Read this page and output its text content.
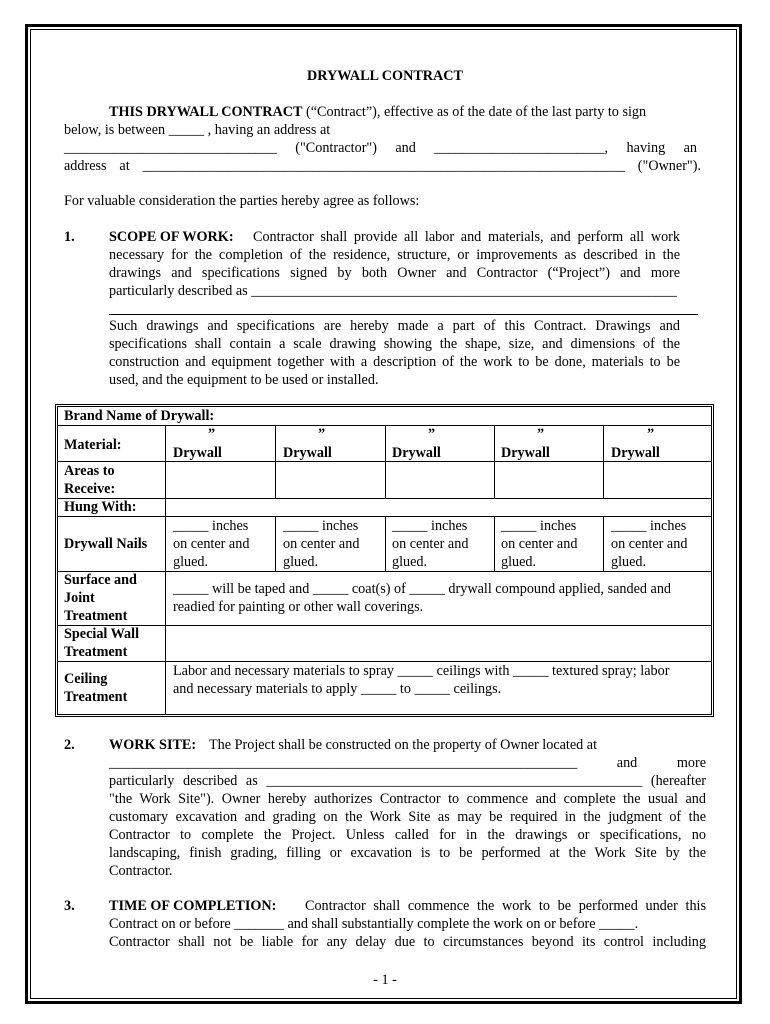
DRYWALL CONTRACT
THIS DRYWALL CONTRACT (“Contract”), effective as of the date of the last party to sign
below, is between _____ , having an address at
______________________________ ("Contractor") and ________________________, having an
address at ____________________________________________________________________ ("Owner").
For valuable consideration the parties hereby agree as follows:
1. SCOPE OF WORK: Contractor shall provide all labor and materials, and perform all work
necessary for the completion of the residence, structure, or improvements as described in the
drawings and specifications signed by both Owner and Contractor (“Project”) and more
particularly described as ____________________________________________________________
Such drawings and specifications are hereby made a part of this Contract. Drawings and
specifications shall contain a scale drawing showing the shape, size, and dimensions of the
construction and equipment together with a description of the work to be done, materials to be
used, and the equipment to be used or installed.
Brand Name of Drywall:
Material:
”
Drywall
”
Drywall
”
Drywall
”
Drywall
”
Drywall
Areas to
Receive:
Hung With:
Drywall Nails
_____ inches
on center and
glued.
_____ inches
on center and
glued.
_____ inches
on center and
glued.
_____ inches
on center and
glued.
_____ inches
on center and
glued.
Surface and
Joint
Treatment
_____ will be taped and _____ coat(s) of _____ drywall compound applied, sanded and
readied for painting or other wall coverings.
Special Wall
Treatment
Ceiling
Treatment
Labor and necessary materials to spray _____ ceilings with _____ textured spray; labor
and necessary materials to apply _____ to _____ ceilings.
2. WORK SITE: The Project shall be constructed on the property of Owner located at
__________________________________________________________________ and more
particularly described as _____________________________________________________ (hereafter
"the Work Site"). Owner hereby authorizes Contractor to commence and complete the usual and
customary excavation and grading on the Work Site as may be required in the judgment of the
Contractor to complete the Project. Unless called for in the drawings or specifications, no
landscaping, finish grading, filling or excavation is to be performed at the Work Site by the
Contractor.
3. TIME OF COMPLETION: Contractor shall commence the work to be performed under this
Contract on or before _______ and shall substantially complete the work on or before _____.
Contractor shall not be liable for any delay due to circumstances beyond its control including
- 1 -
